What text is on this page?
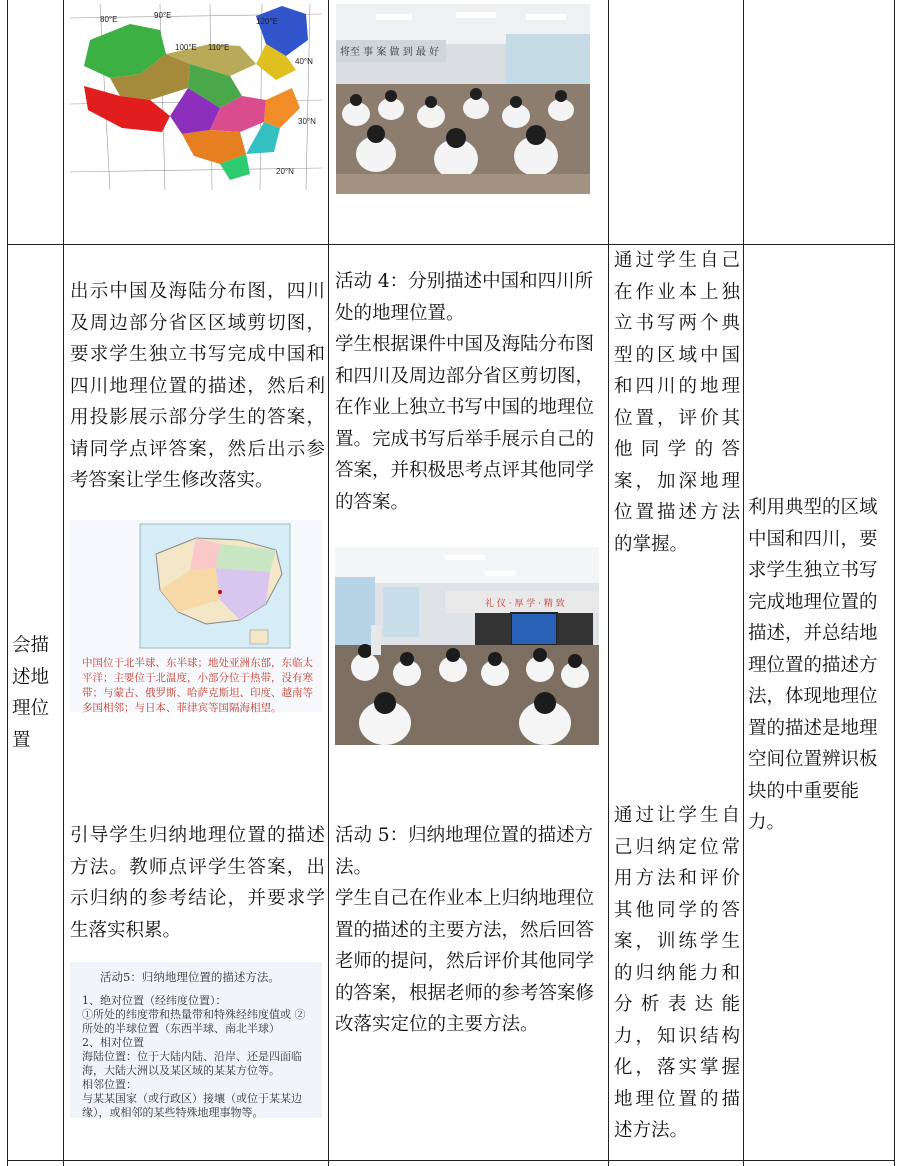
80°E	90°E
100°E 110°E
120°E
40°N
30°N
20°N
将至 事 案 做 到 最 好
会描述地理位置
出示中国及海陆分布图，四川及周边部分省区区域剪切图，要求学生独立书写完成中国和四川地理位置的描述，然后利用投影展示部分学生的答案，请同学点评答案，然后出示参考答案让学生修改落实。
中国位于北半球、东半球；地处亚洲东部，东临太平洋；主要位于北温度，小部分位于热带，没有寒带；与蒙古、俄罗斯、哈萨克斯坦、印度、越南等多国相邻；与日本、菲律宾等国隔海相望。
活动 4：分别描述中国和四川所处的地理位置。
学生根据课件中国及海陆分布图和四川及周边部分省区剪切图，在作业上独立书写中国的地理位置。完成书写后举手展示自己的答案，并积极思考点评其他同学的答案。
礼 仪 · 厚 学 · 精 致
通过学生自己在作业本上独立书写两个典型的区域中国和四川的地理位置，评价其他同学的答案，加深地理位置描述方法的掌握。
利用典型的区域中国和四川，要求学生独立书写完成地理位置的描述，并总结地理位置的描述方法，体现地理位置的描述是地理空间位置辨识板块的中重要能力。
引导学生归纳地理位置的描述方法。教师点评学生答案，出示归纳的参考结论，并要求学生落实积累。
活动5：归纳地理位置的描述方法。
1、绝对位置（经纬度位置）：
①所处的纬度带和热量带和特殊经纬度值或 ②所处的半球位置（东西半球、南北半球）
2、相对位置
海陆位置：位于大陆内陆、沿岸、还是四面临海，大陆大洲以及某区域的某某方位等。
相邻位置：
与某某国家（或行政区）接壤（或位于某某边缘），或相邻的某些特殊地理事物等。
活动 5：归纳地理位置的描述方法。
学生自己在作业本上归纳地理位置的描述的主要方法，然后回答老师的提问，然后评价其他同学的答案，根据老师的参考答案修改落实定位的主要方法。
通过让学生自己归纳定位常用方法和评价其他同学的答案，训练学生的归纳能力和分析表达能力，知识结构化，落实掌握地理位置的描述方法。
